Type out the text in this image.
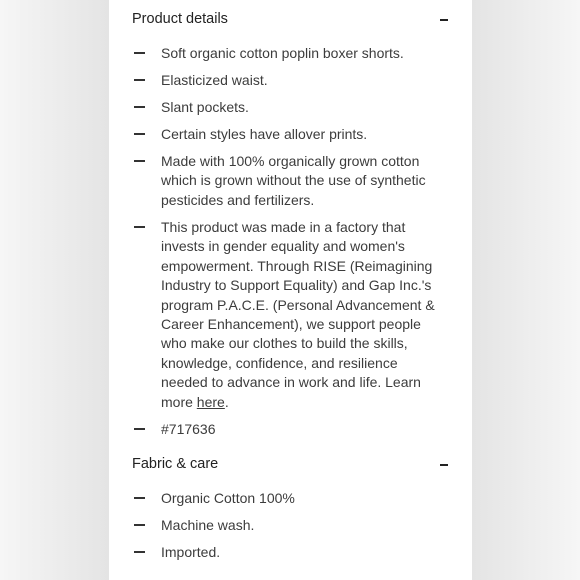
Product details
Soft organic cotton poplin boxer shorts.
Elasticized waist.
Slant pockets.
Certain styles have allover prints.
Made with 100% organically grown cotton which is grown without the use of synthetic pesticides and fertilizers.
This product was made in a factory that invests in gender equality and women's empowerment. Through RISE (Reimagining Industry to Support Equality) and Gap Inc.'s program P.A.C.E. (Personal Advancement & Career Enhancement), we support people who make our clothes to build the skills, knowledge, confidence, and resilience needed to advance in work and life. Learn more here.
#717636
Fabric & care
Organic Cotton 100%
Machine wash.
Imported.
